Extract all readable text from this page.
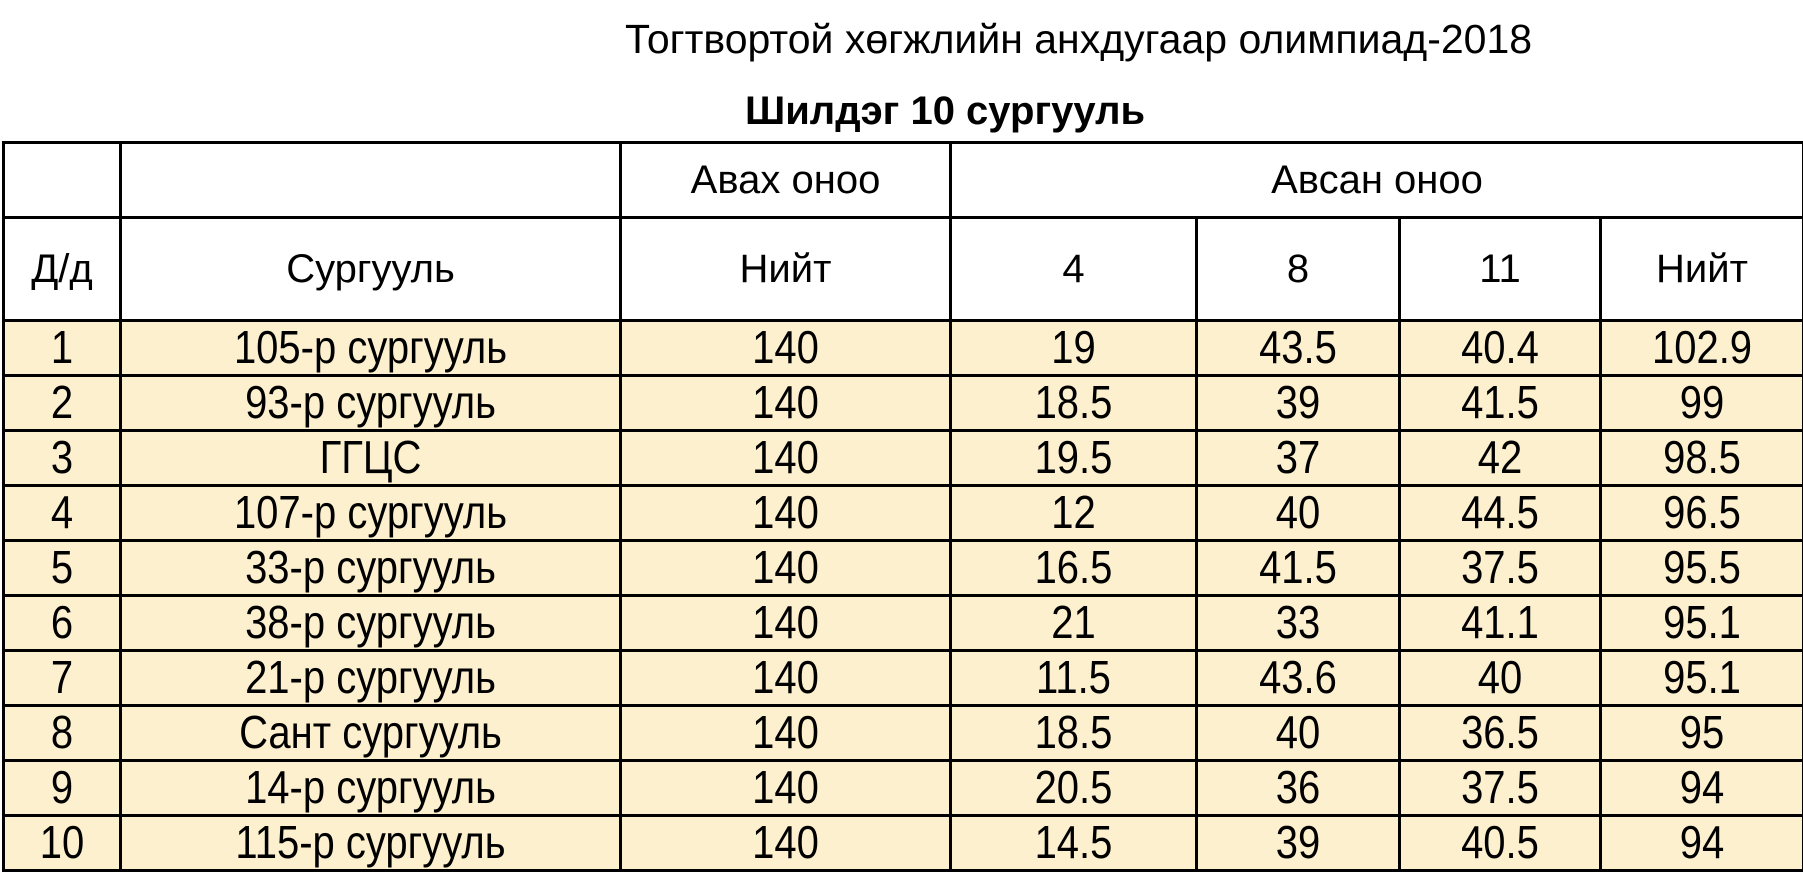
Тогтвортой хөгжлийн анхдугаар олимпиад-2018
Шилдэг 10 сургууль
		Авах оноо	Авсан оноо			
Д/д	Сургууль	Нийт	4	8	11	Нийт
1	105-р сургууль	140	19	43.5	40.4	102.9
2	93-р сургууль	140	18.5	39	41.5	99
3	ГГЦС	140	19.5	37	42	98.5
4	107-р сургууль	140	12	40	44.5	96.5
5	33-р сургууль	140	16.5	41.5	37.5	95.5
6	38-р сургууль	140	21	33	41.1	95.1
7	21-р сургууль	140	11.5	43.6	40	95.1
8	Сант сургууль	140	18.5	40	36.5	95
9	14-р сургууль	140	20.5	36	37.5	94
10	115-р сургууль	140	14.5	39	40.5	94
